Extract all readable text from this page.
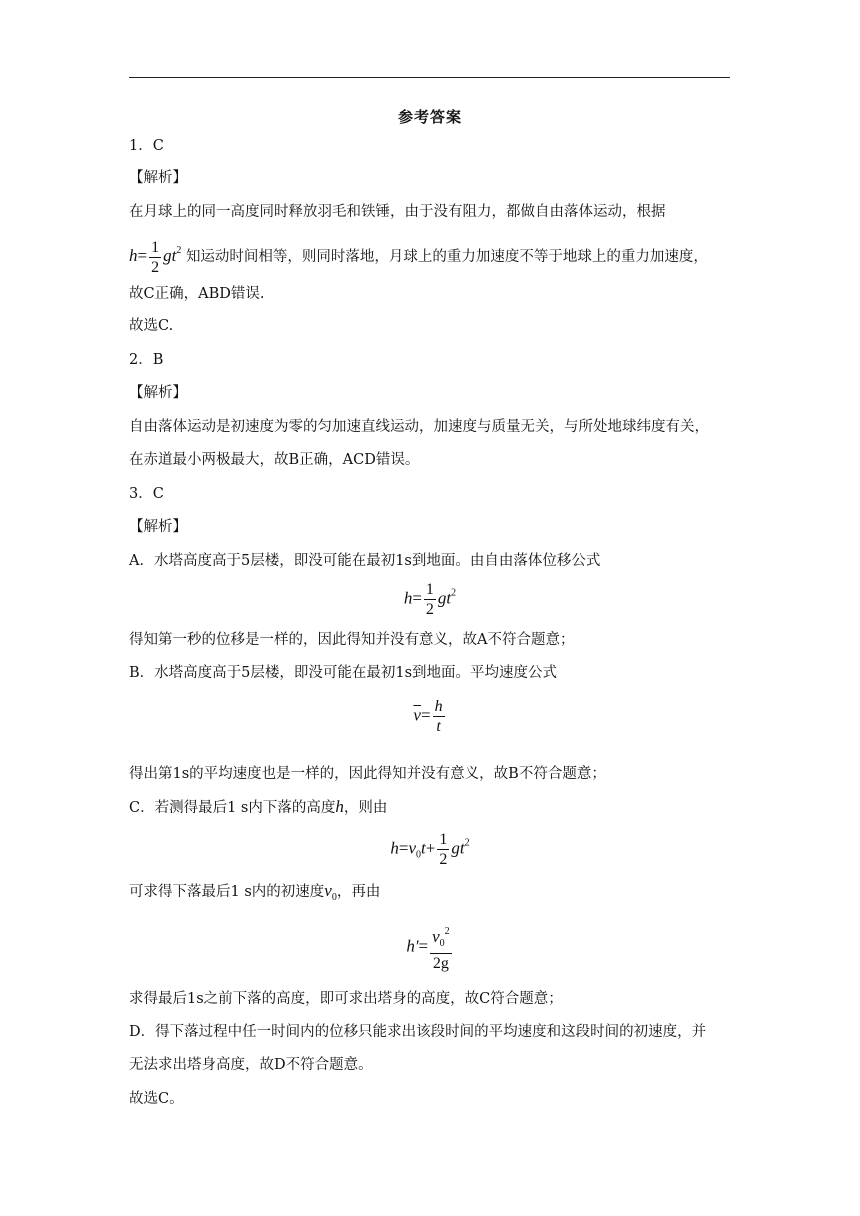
参考答案
1．C
【解析】
在月球上的同一高度同时释放羽毛和铁锤，由于没有阻力，都做自由落体运动，根据
$h= \frac{1}{2} gt^2$ 知运动时间相等，则同时落地，月球上的重力加速度不等于地球上的重力加速度，
故C正确，ABD错误.
故选C.
2．B
【解析】
自由落体运动是初速度为零的匀加速直线运动，加速度与质量无关，与所处地球纬度有关，
在赤道最小两极最大，故B正确，ACD错误。
3．C
【解析】
A．水塔高度高于5层楼，即没可能在最初1s到地面。由自由落体位移公式
$h= \frac{1}{2} gt^2$
得知第一秒的位移是一样的，因此得知并没有意义，故A不符合题意；
B．水塔高度高于5层楼，即没可能在最初1s到地面。平均速度公式
$\overline{v}= \frac{h}{t}$
得出第1s的平均速度也是一样的，因此得知并没有意义，故B不符合题意；
C．若测得最后1 s内下落的高度h，则由
$h=v_0t+ \frac{1}{2} gt^2$
可求得下落最后1 s内的初速度$v_0$，再由
$h'= \frac{v_0^2}{2g}$
求得最后1s之前下落的高度，即可求出塔身的高度，故C符合题意；
D．得下落过程中任一时间内的位移只能求出该段时间的平均速度和这段时间的初速度，并
无法求出塔身高度，故D不符合题意。
故选C。
